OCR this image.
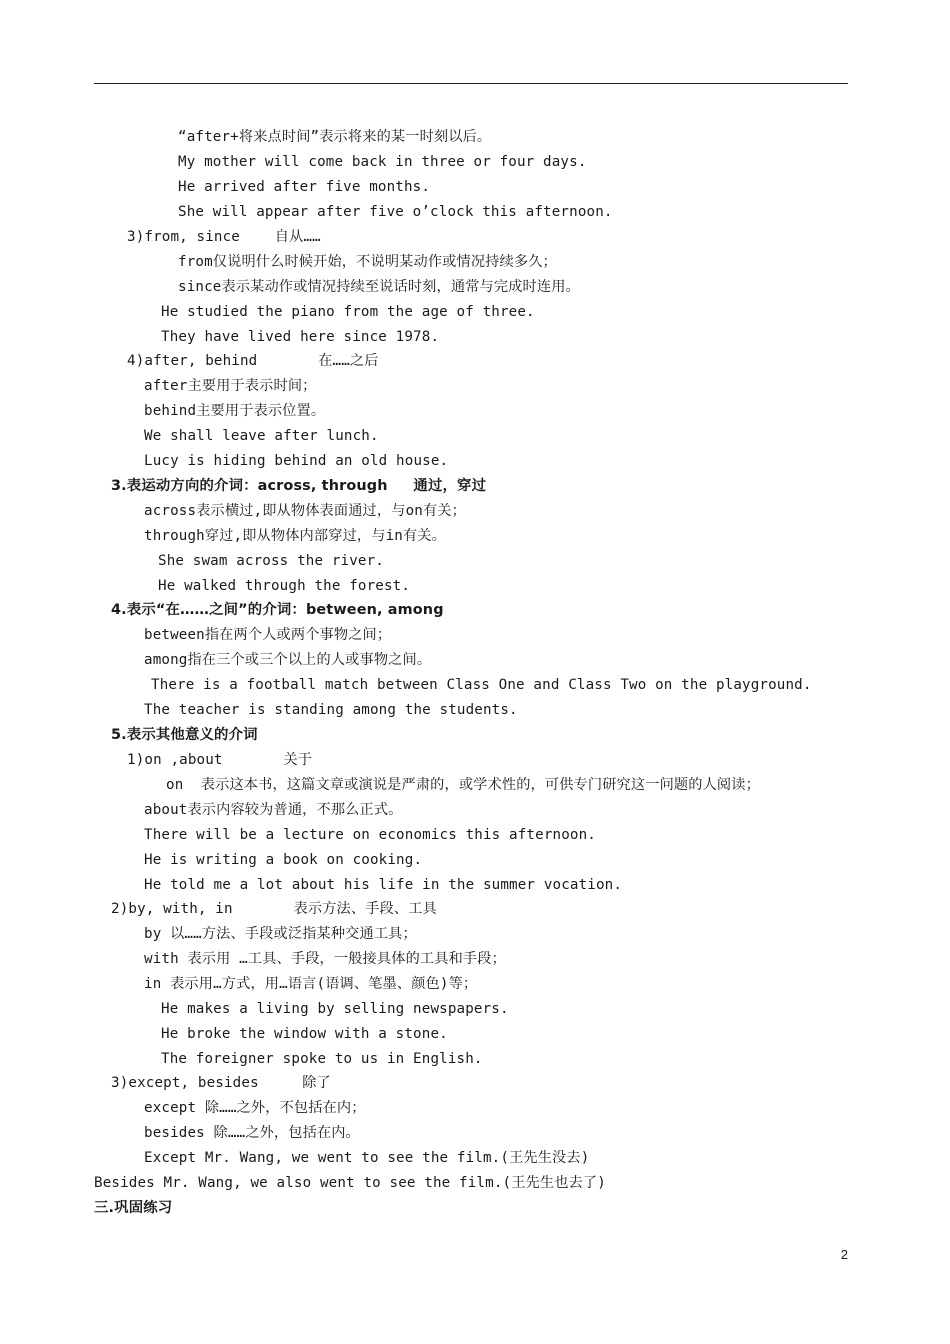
“after+将来点时间”表示将来的某一时刻以后。
My mother will come back in three or four days.
He arrived after five months.
She will appear after five o’clock this afternoon.
3)from, since    自从……
from仅说明什么时候开始，不说明某动作或情况持续多久；
since表示某动作或情况持续至说话时刻，通常与完成时连用。
He studied the piano from the age of three.
They have lived here since 1978.
4)after, behind       在……之后
after主要用于表示时间；
behind主要用于表示位置。
We shall leave after lunch.
Lucy is hiding behind an old house.
3.表运动方向的介词：across, through     通过，穿过
across表示横过,即从物体表面通过，与on有关；
through穿过,即从物体内部穿过，与in有关。
She swam across the river.
He walked through the forest.
4.表示“在……之间”的介词：between, among
between指在两个人或两个事物之间；
among指在三个或三个以上的人或事物之间。
There is a football match between Class One and Class Two on the playground.
The teacher is standing among the students.
5.表示其他意义的介词
1)on ,about       关于
on  表示这本书，这篇文章或演说是严肃的，或学术性的，可供专门研究这一问题的人阅读；
about表示内容较为普通，不那么正式。
There will be a lecture on economics this afternoon.
He is writing a book on cooking.
He told me a lot about his life in the summer vocation.
2)by, with, in       表示方法、手段、工具
by 以……方法、手段或泛指某种交通工具；
with 表示用 …工具、手段，一般接具体的工具和手段；
in 表示用…方式，用…语言(语调、笔墨、颜色)等；
He makes a living by selling newspapers.
He broke the window with a stone.
The foreigner spoke to us in English.
3)except, besides     除了
except 除……之外，不包括在内；
besides 除……之外，包括在内。
Except Mr. Wang, we went to see the film.(王先生没去)
Besides Mr. Wang, we also went to see the film.(王先生也去了)
三.巩固练习
2
